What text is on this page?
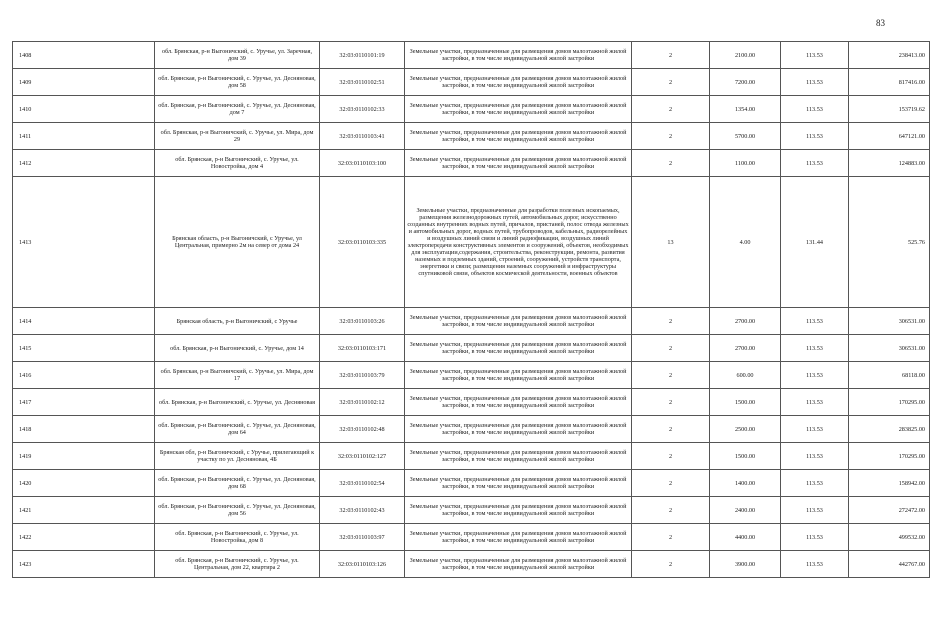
83
1408	обл. Брянская, р-н Выгоничский, с. Уручье, ул. Заречная, дом 39	32:03:0110101:19	Земельные участки, предназначенные для размещения домов малоэтажной жилой застройки, в том числе индивидуальной жилой застройки	2	2100.00	113.53	238413.00
1409	обл. Брянская, р-н Выгоничский, с. Уручье, ул. Десняновая, дом 58	32:03:0110102:51	Земельные участки, предназначенные для размещения домов малоэтажной жилой застройки, в том числе индивидуальной жилой застройки	2	7200.00	113.53	817416.00
1410	обл. Брянская, р-н Выгоничский, с. Уручье, ул. Десняновая, дом 7	32:03:0110102:33	Земельные участки, предназначенные для размещения домов малоэтажной жилой застройки, в том числе индивидуальной жилой застройки	2	1354.00	113.53	153719.62
1411	обл. Брянская, р-н Выгоничский, с. Уручье, ул. Мира, дом 29	32:03:0110103:41	Земельные участки, предназначенные для размещения домов малоэтажной жилой застройки, в том числе индивидуальной жилой застройки	2	5700.00	113.53	647121.00
1412	обл. Брянская, р-н Выгоничский, с. Уручье, ул. Новостройка, дом 4	32:03:0110103:100	Земельные участки, предназначенные для размещения домов малоэтажной жилой застройки, в том числе индивидуальной жилой застройки	2	1100.00	113.53	124883.00
1413	Брянская область, р-н Выгоничский, с Уручье, ул Центральная, примерно 2м на север от дома 24	32:03:0110103:335	Земельные участки, предназначенные для разработки полезных ископаемых, размещения железнодорожных путей, автомобильных дорог, искусственно созданных внутренних водных путей, причалов, пристаней, полос отвода железных и автомобильных дорог, водных путей, трубопроводов, кабельных, радиорелейных и воздушных линий связи и линий радиофикации, воздушных линий электропередачи конструктивных элементов и сооружений, объектов, необходимых для эксплуатации,содержания, строительства, реконструкции, ремонта, развития наземных и подземных зданий, строений, сооружений, устройств транспорта, энергетики и связи; размещения наземных сооружений и инфраструктуры спутниковой связи, объектов космической деятельности, военных объектов	13	4.00	131.44	525.76
1414	Брянская область, р-н Выгоничский, с Уручье	32:03:0110103:26	Земельные участки, предназначенные для размещения домов малоэтажной жилой застройки, в том числе индивидуальной жилой застройки	2	2700.00	113.53	306531.00
1415	обл. Брянская, р-н Выгоничский, с. Уручье, дом 14	32:03:0110103:171	Земельные участки, предназначенные для размещения домов малоэтажной жилой застройки, в том числе индивидуальной жилой застройки	2	2700.00	113.53	306531.00
1416	обл. Брянская, р-н Выгоничский, с. Уручье, ул. Мира, дом 17	32:03:0110103:79	Земельные участки, предназначенные для размещения домов малоэтажной жилой застройки, в том числе индивидуальной жилой застройки	2	600.00	113.53	68118.00
1417	обл. Брянская, р-н Выгоничский, с. Уручье, ул. Десняновая	32:03:0110102:12	Земельные участки, предназначенные для размещения домов малоэтажной жилой застройки, в том числе индивидуальной жилой застройки	2	1500.00	113.53	170295.00
1418	обл. Брянская, р-н Выгоничский, с. Уручье, ул. Десняновая, дом 64	32:03:0110102:48	Земельные участки, предназначенные для размещения домов малоэтажной жилой застройки, в том числе индивидуальной жилой застройки	2	2500.00	113.53	283825.00
1419	Брянская обл, р-н Выгоничский, с Уручье, прилегающий к участку по ул. Десняновая, 4Б	32:03:0110102:127	Земельные участки, предназначенные для размещения домов малоэтажной жилой застройки, в том числе индивидуальной жилой застройки	2	1500.00	113.53	170295.00
1420	обл. Брянская, р-н Выгоничский, с. Уручье, ул. Десняновая, дом 68	32:03:0110102:54	Земельные участки, предназначенные для размещения домов малоэтажной жилой застройки, в том числе индивидуальной жилой застройки	2	1400.00	113.53	158942.00
1421	обл. Брянская, р-н Выгоничский, с. Уручье, ул. Десняновая, дом 56	32:03:0110102:43	Земельные участки, предназначенные для размещения домов малоэтажной жилой застройки, в том числе индивидуальной жилой застройки	2	2400.00	113.53	272472.00
1422	обл. Брянская, р-н Выгоничский, с. Уручье, ул. Новостройка, дом 8	32:03:0110103:97	Земельные участки, предназначенные для размещения домов малоэтажной жилой застройки, в том числе индивидуальной жилой застройки	2	4400.00	113.53	499532.00
1423	обл. Брянская, р-н Выгоничский, с. Уручье, ул. Центральная, дом 22, квартира 2	32:03:0110103:126	Земельные участки, предназначенные для размещения домов малоэтажной жилой застройки, в том числе индивидуальной жилой застройки	2	3900.00	113.53	442767.00
